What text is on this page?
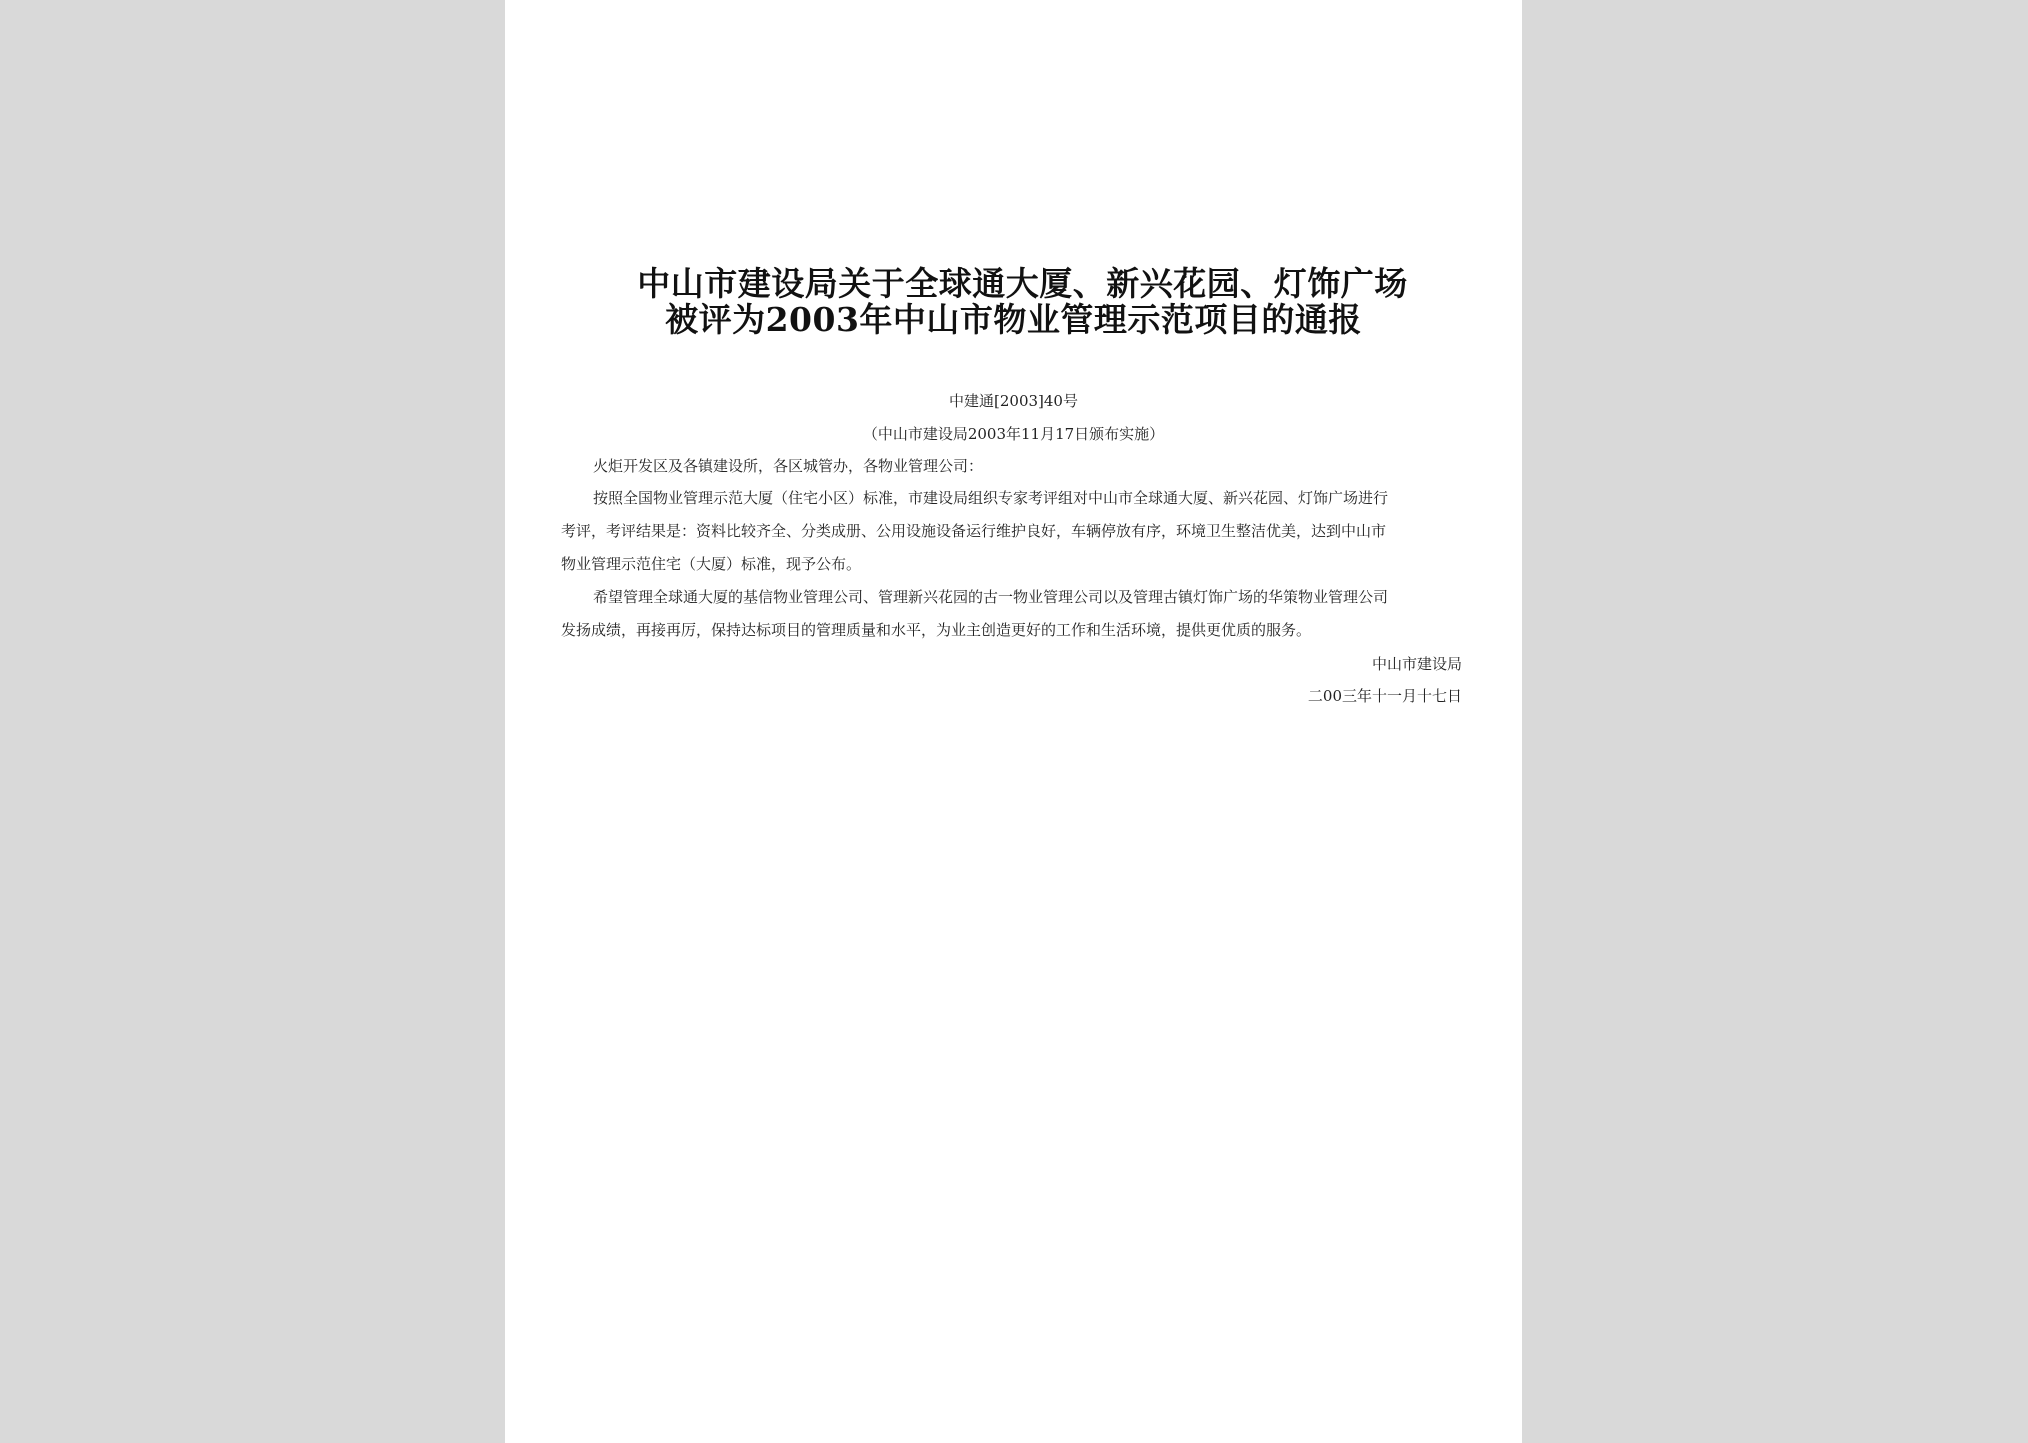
中山市建设局关于全球通大厦、新兴花园、灯饰广场
被评为2003年中山市物业管理示范项目的通报
中建通[2003]40号
（中山市建设局2003年11月17日颁布实施）
火炬开发区及各镇建设所，各区城管办，各物业管理公司：
按照全国物业管理示范大厦（住宅小区）标准，市建设局组织专家考评组对中山市全球通大厦、新兴花园、灯饰广场进行
考评，考评结果是：资料比较齐全、分类成册、公用设施设备运行维护良好，车辆停放有序，环境卫生整洁优美，达到中山市
物业管理示范住宅（大厦）标准，现予公布。
希望管理全球通大厦的基信物业管理公司、管理新兴花园的古一物业管理公司以及管理古镇灯饰广场的华策物业管理公司
发扬成绩，再接再厉，保持达标项目的管理质量和水平，为业主创造更好的工作和生活环境，提供更优质的服务。
中山市建设局
二00三年十一月十七日
